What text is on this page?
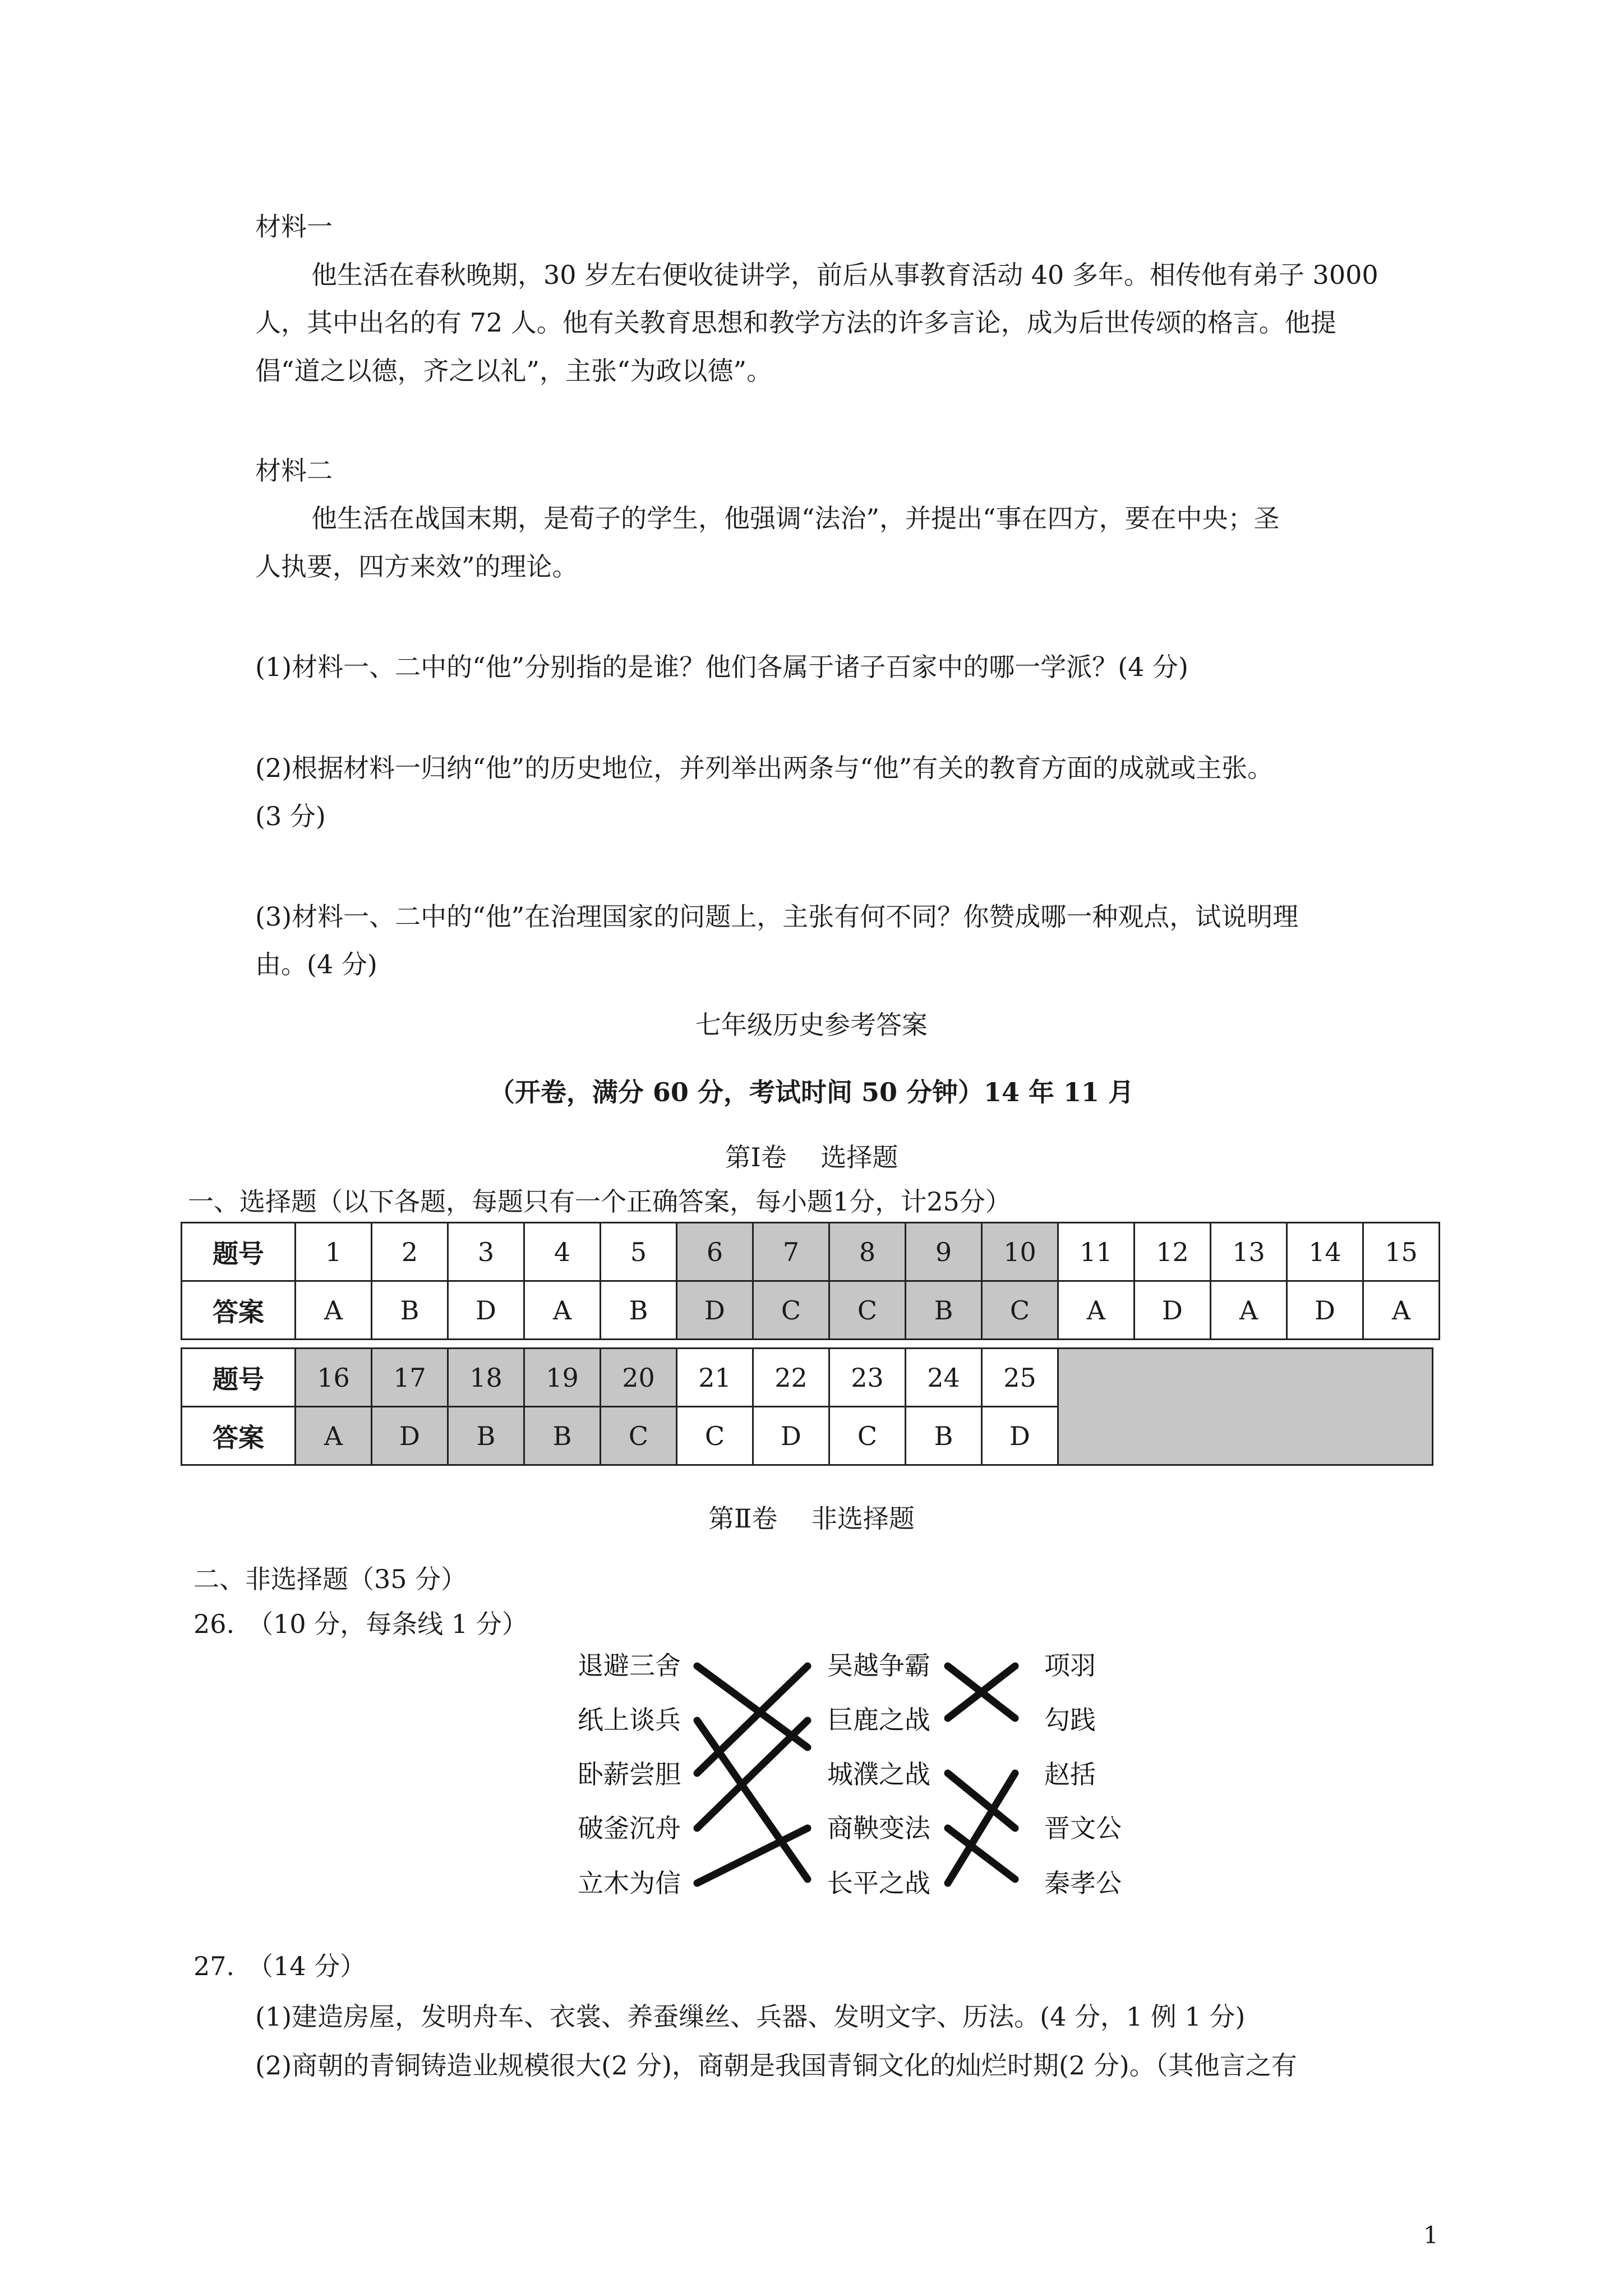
材料一
他生活在春秋晚期，30 岁左右便收徒讲学，前后从事教育活动 40 多年。相传他有弟子 3000
人，其中出名的有 72 人。他有关教育思想和教学方法的许多言论，成为后世传颂的格言。他提
倡“道之以德，齐之以礼”，主张“为政以德”。
材料二
他生活在战国末期，是荀子的学生，他强调“法治”，并提出“事在四方，要在中央；圣
人执要，四方来效”的理论。
(1)材料一、二中的“他”分别指的是谁？他们各属于诸子百家中的哪一学派？(4 分)
(2)根据材料一归纳“他”的历史地位，并列举出两条与“他”有关的教育方面的成就或主张。
(3 分)
(3)材料一、二中的“他”在治理国家的问题上，主张有何不同？你赞成哪一种观点，试说明理
由。(4 分)
七年级历史参考答案
（开卷，满分 60 分，考试时间 50 分钟）14 年 11 月
第Ⅰ卷　 选择题
一、选择题（以下各题，每题只有一个正确答案，每小题1分，计25分）
题号	1	2	3	4	5	6	7	8	9	10	11	12	13	14	15
答案	A	B	D	A	B	D	C	C	B	C	A	D	A	D	A
题号	16	17	18	19	20	21	22	23	24	25	
答案	A	D	B	B	C	C	D	C	B	D	
第Ⅱ卷　 非选择题
二、非选择题（35 分）
26.　（10 分，每条线 1 分）
退避三舍
纸上谈兵
卧薪尝胆
破釜沉舟
立木为信
吴越争霸
巨鹿之战
城濮之战
商鞅变法
长平之战
项羽
勾践
赵括
晋文公
秦孝公
27.　（14 分）
(1)建造房屋，发明舟车、衣裳、养蚕缫丝、兵器、发明文字、历法。(4 分，1 例 1 分)
(2)商朝的青铜铸造业规模很大(2 分)，商朝是我国青铜文化的灿烂时期(2 分)。（其他言之有
1
